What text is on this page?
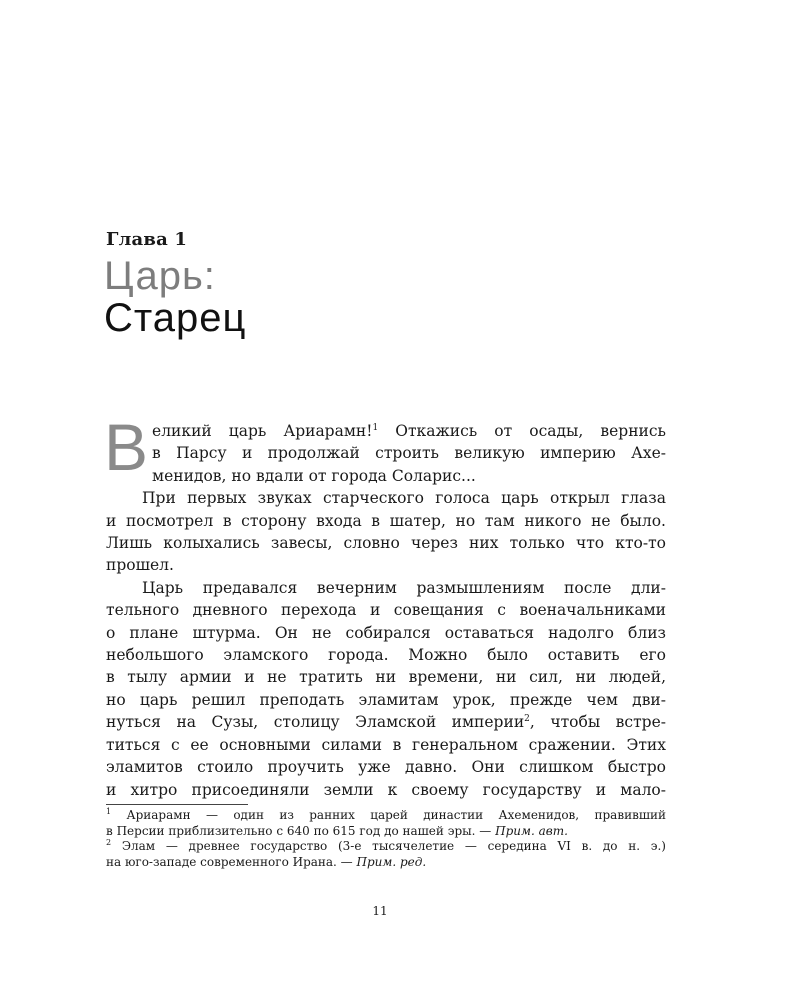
Глава 1
Царь:
Старец
В еликий царь Ариарамн!$^1$ Откажись от осады, вернись
в Парсу и продолжай строить великую империю Ахе-
менидов, но вдали от города Соларис...
При первых звуках старческого голоса царь открыл глаза
и посмотрел в сторону входа в шатер, но там никого не было.
Лишь колыхались завесы, словно через них только что кто-то
прошел.
Царь предавался вечерним размышлениям после дли-
тельного дневного перехода и совещания с военачальниками
о плане штурма. Он не собирался оставаться надолго близ
небольшого эламского города. Можно было оставить его
в тылу армии и не тратить ни времени, ни сил, ни людей,
но царь решил преподать эламитам урок, прежде чем дви-
нуться на Сузы, столицу Эламской империи$^2$, чтобы встре-
титься с ее основными силами в генеральном сражении. Этих
эламитов стоило проучить уже давно. Они слишком быстро
и хитро присоединяли земли к своему государству и мало-
$^1$ Ариарамн — один из ранних царей династии Ахеменидов, правивший
в Персии приблизительно с 640 по 615 год до нашей эры. — Прим. авт.
$^2$ Элам — древнее государство (3-е тысячелетие — середина VI в. до н. э.)
на юго-западе современного Ирана. — Прим. ред.
11
